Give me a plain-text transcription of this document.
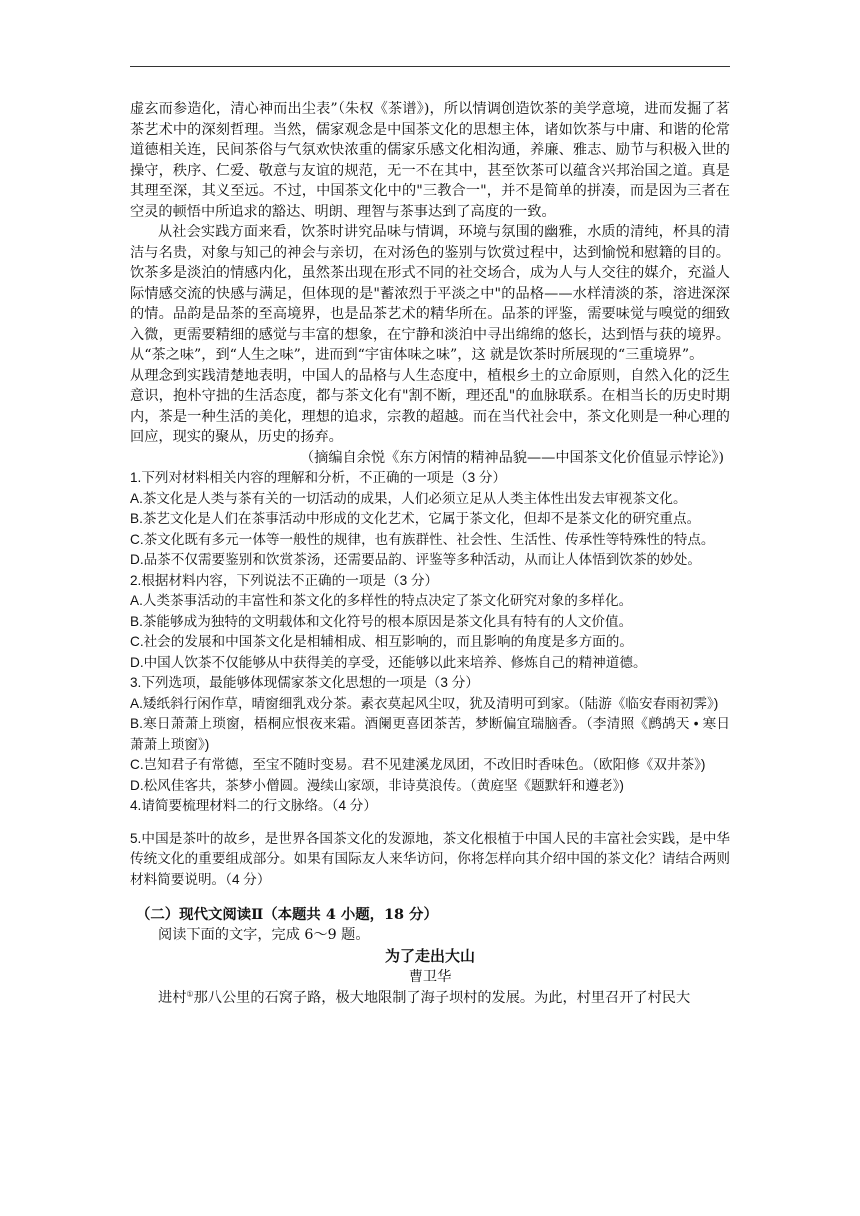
虚玄而参造化，清心神而出尘表”（朱权《茶谱》)，所以情调创造饮茶的美学意境，进而发掘了茗茶艺术中的深刻哲理。当然，儒家观念是中国茶文化的思想主体，诸如饮茶与中庸、和谐的伦常道德相关连，民间茶俗与气氛欢快浓重的儒家乐感文化相沟通，养廉、雅志、励节与积极入世的操守，秩序、仁爱、敬意与友谊的规范，无一不在其中，甚至饮茶可以蕴含兴邦治国之道。真是其理至深，其义至远。不过，中国茶文化中的"三教合一"，并不是简单的拼凑，而是因为三者在空灵的顿悟中所追求的豁达、明朗、理智与茶事达到了高度的一致。

从社会实践方面来看，饮茶时讲究品味与情调，环境与氛围的幽雅，水质的清纯，杯具的清洁与名贵，对象与知己的神会与亲切，在对汤色的鉴别与饮赏过程中，达到愉悦和慰籍的目的。饮茶多是淡泊的情感内化，虽然茶出现在形式不同的社交场合，成为人与人交往的媒介，充溢人际情感交流的快感与满足，但体现的是"蓄浓烈于平淡之中"的品格——水样清淡的茶，溶进深深的情。品韵是品茶的至高境界，也是品茶艺术的精华所在。品茶的评鉴，需要味觉与嗅觉的细致入微，更需要精细的感觉与丰富的想象，在宁静和淡泊中寻出绵绵的悠长，达到悟与获的境界。从“茶之味”，到“人生之味”，进而到“宇宙体味之味”，这 就是饮茶时所展现的“三重境界”。

从理念到实践清楚地表明，中国人的品格与人生态度中，植根乡土的立命原则，自然入化的泛生意识，抱朴守拙的生活态度，都与茶文化有"割不断，理还乱"的血脉联系。在相当长的历史时期内，茶是一种生活的美化，理想的追求，宗教的超越。而在当代社会中，茶文化则是一种心理的回应，现实的聚从，历史的扬弃。

（摘编自余悦《东方闲情的精神品貌——中国茶文化价值显示悖论》)

1.下列对材料相关内容的理解和分析，不正确的一项是（3 分）

A.茶文化是人类与茶有关的一切活动的成果，人们必须立足从人类主体性出发去审视茶文化。

B.茶艺文化是人们在茶事活动中形成的文化艺术，它属于茶文化，但却不是茶文化的研究重点。

C.茶文化既有多元一体等一般性的规律，也有族群性、社会性、生活性、传承性等特殊性的特点。

D.品茶不仅需要鉴别和饮赏茶汤，还需要品韵、评鉴等多种活动，从而让人体悟到饮茶的妙处。

2.根据材料内容，下列说法不正确的一项是（3 分）

A.人类茶事活动的丰富性和茶文化的多样性的特点决定了茶文化研究对象的多样化。

B.茶能够成为独特的文明载体和文化符号的根本原因是茶文化具有特有的人文价值。

C.社会的发展和中国茶文化是相辅相成、相互影响的，而且影响的角度是多方面的。

D.中国人饮茶不仅能够从中获得美的享受，还能够以此来培养、修炼自己的精神道德。

3.下列选项，最能够体现儒家茶文化思想的一项是（3 分）

A.矮纸斜行闲作草，晴窗细乳戏分茶。素衣莫起风尘叹，犹及清明可到家。（陆游《临安春雨初霁》)

B.寒日萧萧上琐窗，梧桐应恨夜来霜。酒阑更喜团茶苦，梦断偏宜瑞脑香。（李清照《鹧鸪天 • 寒日萧萧上琐窗》)

C.岂知君子有常德，至宝不随时变易。君不见建溪龙凤团，不改旧时香味色。（欧阳修《双井茶》)

D.松风佳客共，茶梦小僧圆。漫续山家颂，非诗莫浪传。（黄庭坚《题默轩和遵老》)

4.请简要梳理材料二的行文脉络。（4 分）

5.中国是茶叶的故乡，是世界各国茶文化的发源地，茶文化根植于中国人民的丰富社会实践，是中华传统文化的重要组成部分。如果有国际友人来华访问，你将怎样向其介绍中国的茶文化？请结合两则材料简要说明。（4 分）

（二）现代文阅读Ⅱ（本题共 4 小题，18 分）

阅读下面的文字，完成 6～9 题。

为了走出大山

曹卫华

进村①那八公里的石窝子路，极大地限制了海子坝村的发展。为此，村里召开了村民大
